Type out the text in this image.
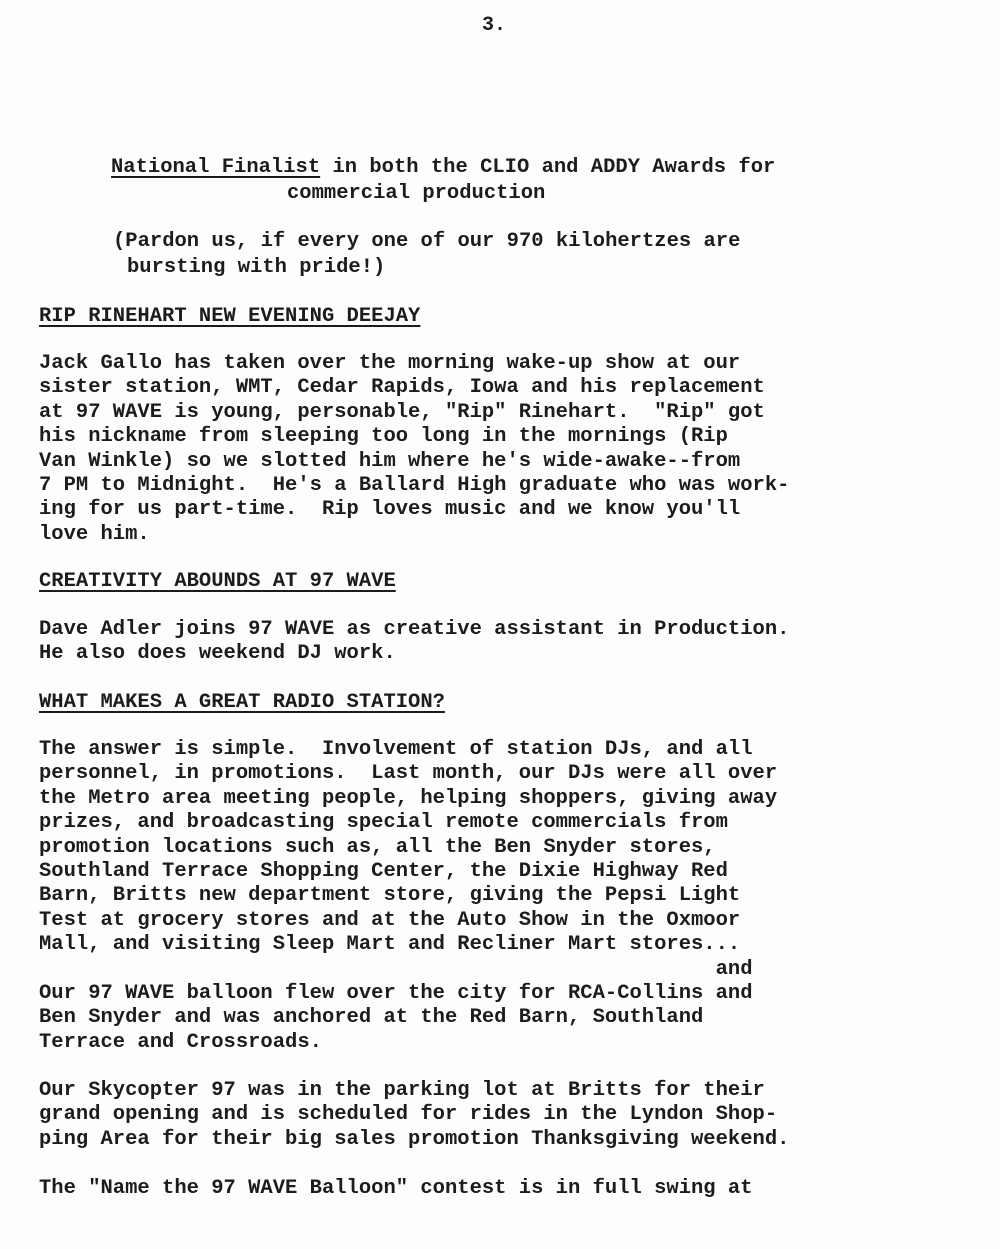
3.
National Finalist in both the CLIO and ADDY Awards for
commercial production
(Pardon us, if every one of our 970 kilohertzes are
bursting with pride!)
RIP RINEHART NEW EVENING DEEJAY
Jack Gallo has taken over the morning wake-up show at our
sister station, WMT, Cedar Rapids, Iowa and his replacement
at 97 WAVE is young, personable, "Rip" Rinehart.  "Rip" got
his nickname from sleeping too long in the mornings (Rip
Van Winkle) so we slotted him where he's wide-awake--from
7 PM to Midnight.  He's a Ballard High graduate who was work-
ing for us part-time.  Rip loves music and we know you'll
love him.
CREATIVITY ABOUNDS AT 97 WAVE
Dave Adler joins 97 WAVE as creative assistant in Production.
He also does weekend DJ work.
WHAT MAKES A GREAT RADIO STATION?
The answer is simple.  Involvement of station DJs, and all
personnel, in promotions.  Last month, our DJs were all over
the Metro area meeting people, helping shoppers, giving away
prizes, and broadcasting special remote commercials from
promotion locations such as, all the Ben Snyder stores,
Southland Terrace Shopping Center, the Dixie Highway Red
Barn, Britts new department store, giving the Pepsi Light
Test at grocery stores and at the Auto Show in the Oxmoor
Mall, and visiting Sleep Mart and Recliner Mart stores...
and
Our 97 WAVE balloon flew over the city for RCA-Collins and
Ben Snyder and was anchored at the Red Barn, Southland
Terrace and Crossroads.
Our Skycopter 97 was in the parking lot at Britts for their
grand opening and is scheduled for rides in the Lyndon Shop-
ping Area for their big sales promotion Thanksgiving weekend.
The "Name the 97 WAVE Balloon" contest is in full swing at
